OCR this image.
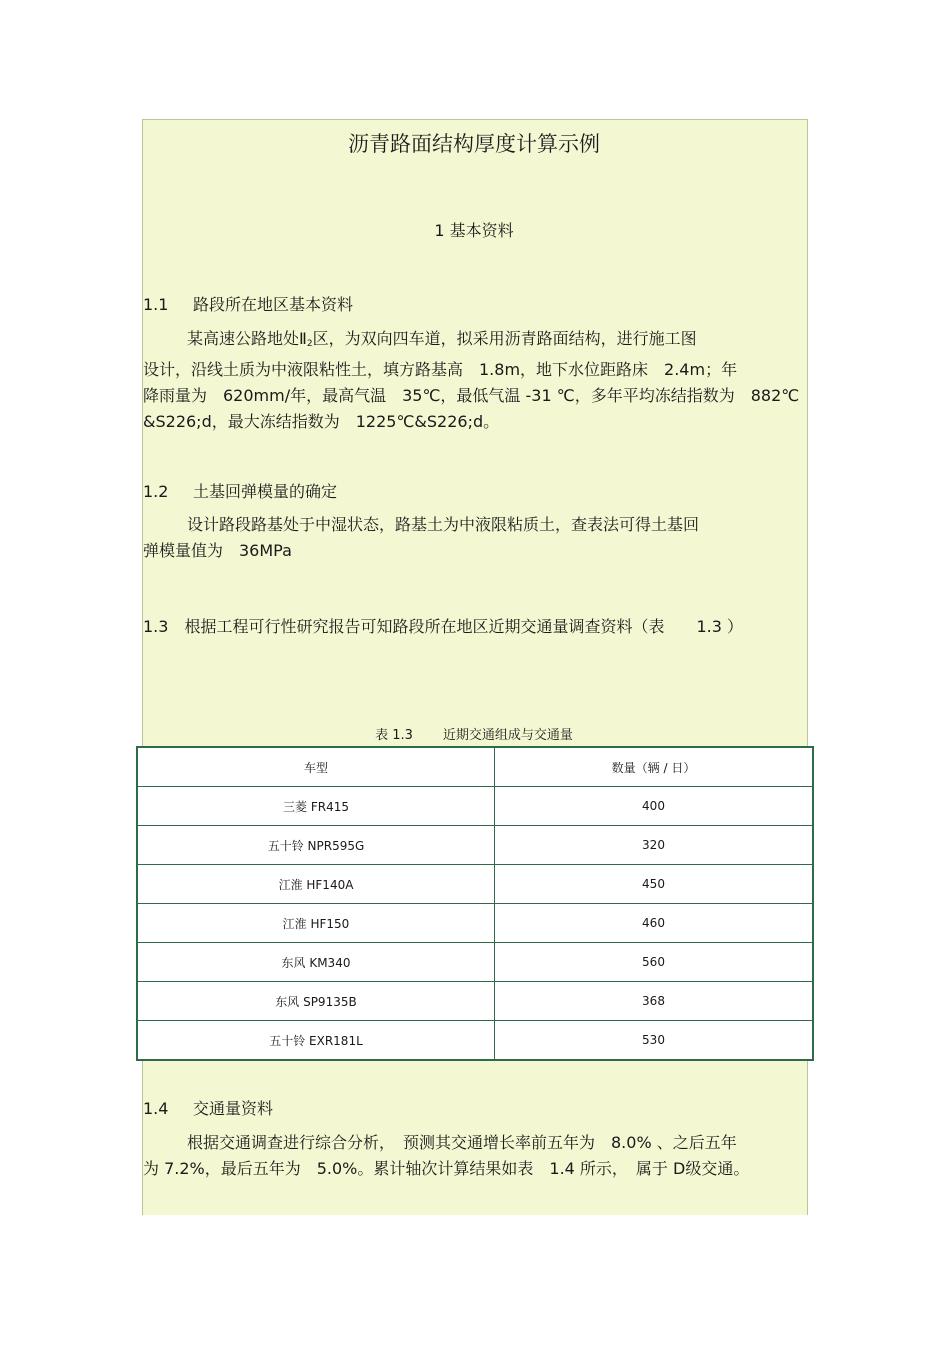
沥青路面结构厚度计算示例
1 基本资料
1.1 路段所在地区基本资料
某高速公路地处$Ⅱ_2$区，为双向四车道，拟采用沥青路面结构，进行施工图
设计，沿线土质为中液限粘性土，填方路基高　1.8m，地下水位距路床　2.4m；年
降雨量为　620mm/年，最高气温　35℃，最低气温 -31 ℃，多年平均冻结指数为　882℃
&S226;d，最大冻结指数为　1225℃&S226;d。
1.2 土基回弹模量的确定
设计路段路基处于中湿状态，路基土为中液限粘质土，查表法可得土基回
弹模量值为　36MPa
1.3　根据工程可行性研究报告可知路段所在地区近期交通量调查资料（表　　1.3 ）
表 1.3 近期交通组成与交通量
车型	数量（辆 / 日）
三菱 FR415	400
五十铃 NPR595G	320
江淮 HF140A	450
江淮 HF150	460
东风 KM340	560
东风 SP9135B	368
五十铃 EXR181L	530
1.4 交通量资料
根据交通调查进行综合分析，　预测其交通增长率前五年为　8.0% 、之后五年
为 7.2%，最后五年为　5.0%。累计轴次计算结果如表　1.4 所示，　属于 D级交通。
